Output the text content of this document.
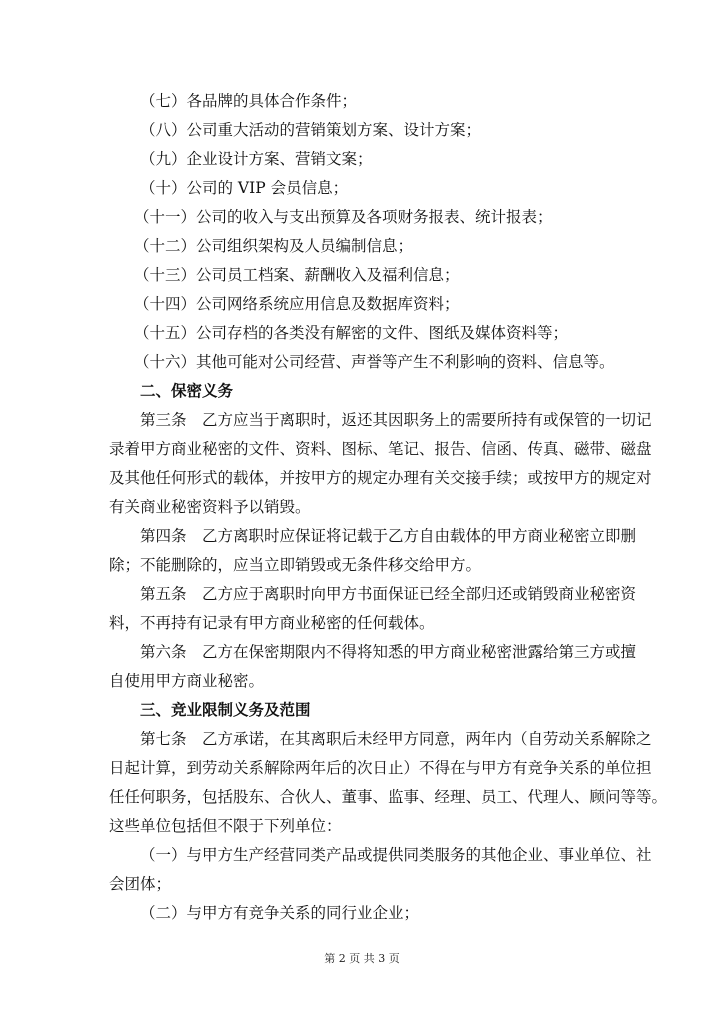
（七）各品牌的具体合作条件；

（八）公司重大活动的营销策划方案、设计方案；

（九）企业设计方案、营销文案；

（十）公司的 VIP 会员信息；

（十一）公司的收入与支出预算及各项财务报表、统计报表；

（十二）公司组织架构及人员编制信息；

（十三）公司员工档案、薪酬收入及福利信息；

（十四）公司网络系统应用信息及数据库资料；

（十五）公司存档的各类没有解密的文件、图纸及媒体资料等；

（十六）其他可能对公司经营、声誉等产生不利影响的资料、信息等。

二、保密义务

第三条　乙方应当于离职时，返还其因职务上的需要所持有或保管的一切记

录着甲方商业秘密的文件、资料、图标、笔记、报告、信函、传真、磁带、磁盘

及其他任何形式的载体，并按甲方的规定办理有关交接手续；或按甲方的规定对

有关商业秘密资料予以销毁。

第四条　乙方离职时应保证将记载于乙方自由载体的甲方商业秘密立即删

除；不能删除的，应当立即销毁或无条件移交给甲方。

第五条　乙方应于离职时向甲方书面保证已经全部归还或销毁商业秘密资

料，不再持有记录有甲方商业秘密的任何载体。

第六条　乙方在保密期限内不得将知悉的甲方商业秘密泄露给第三方或擅

自使用甲方商业秘密。

三、竞业限制义务及范围

第七条　乙方承诺，在其离职后未经甲方同意，两年内（自劳动关系解除之

日起计算，到劳动关系解除两年后的次日止）不得在与甲方有竞争关系的单位担

任任何职务，包括股东、合伙人、董事、监事、经理、员工、代理人、顾问等等。

这些单位包括但不限于下列单位：

（一）与甲方生产经营同类产品或提供同类服务的其他企业、事业单位、社

会团体；

（二）与甲方有竞争关系的同行业企业；

第 2 页 共 3 页
